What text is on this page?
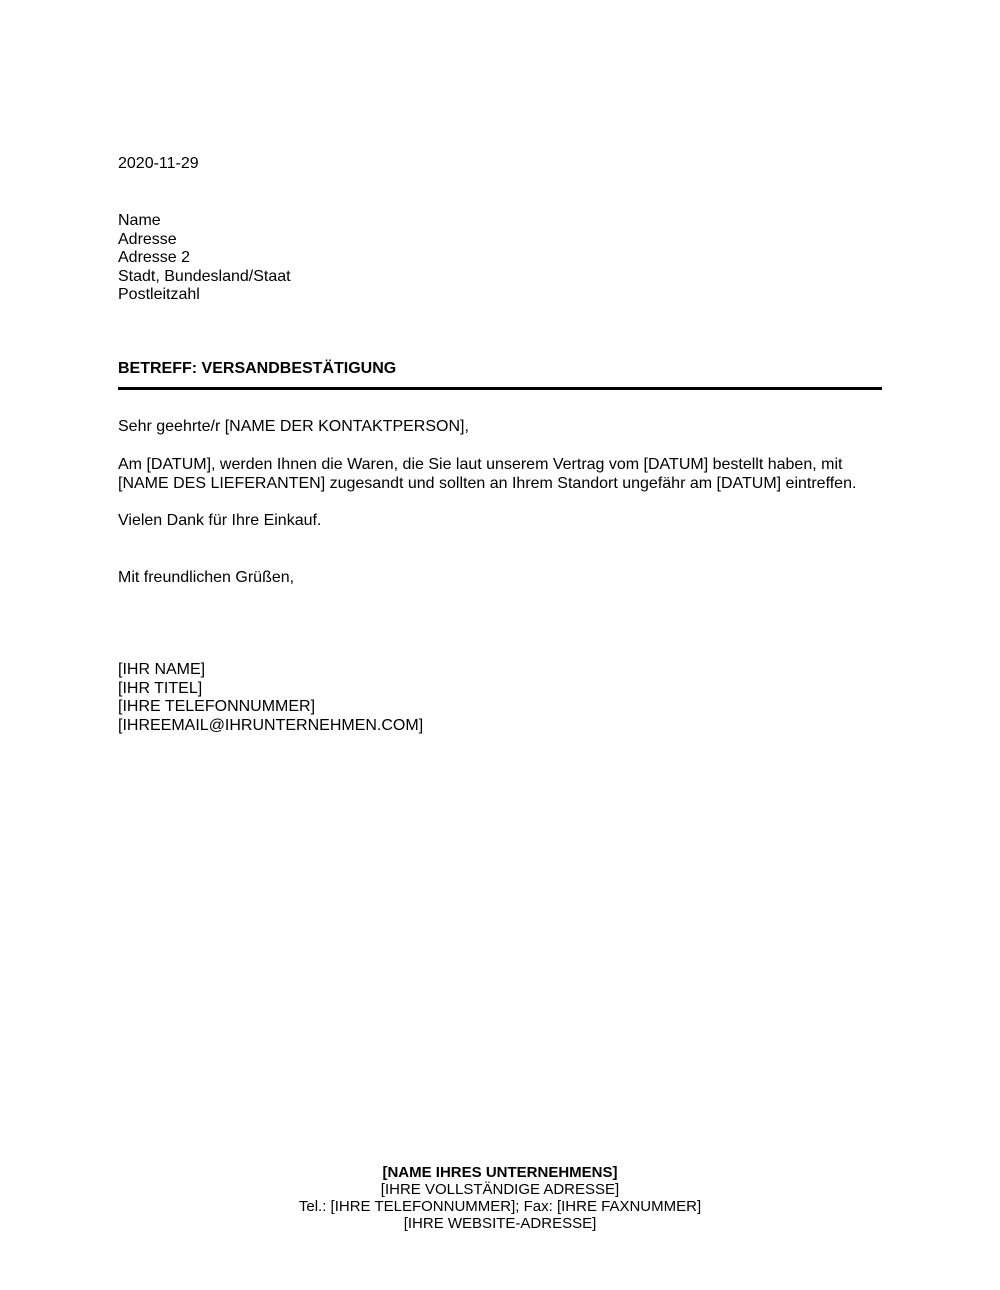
2020-11-29
Name
Adresse
Adresse 2
Stadt, Bundesland/Staat
Postleitzahl
BETREFF: VERSANDBESTÄTIGUNG
Sehr geehrte/r [NAME DER KONTAKTPERSON],
Am [DATUM], werden Ihnen die Waren, die Sie laut unserem Vertrag vom [DATUM] bestellt haben, mit
[NAME DES LIEFERANTEN] zugesandt und sollten an Ihrem Standort ungefähr am [DATUM] eintreffen.
Vielen Dank für Ihre Einkauf.
Mit freundlichen Grüßen,
[IHR NAME]
[IHR TITEL]
[IHRE TELEFONNUMMER]
[IHREEMAIL@IHRUNTERNEHMEN.COM]
[NAME IHRES UNTERNEHMENS]
[IHRE VOLLSTÄNDIGE ADRESSE]
Tel.: [IHRE TELEFONNUMMER]; Fax: [IHRE FAXNUMMER]
[IHRE WEBSITE-ADRESSE]
